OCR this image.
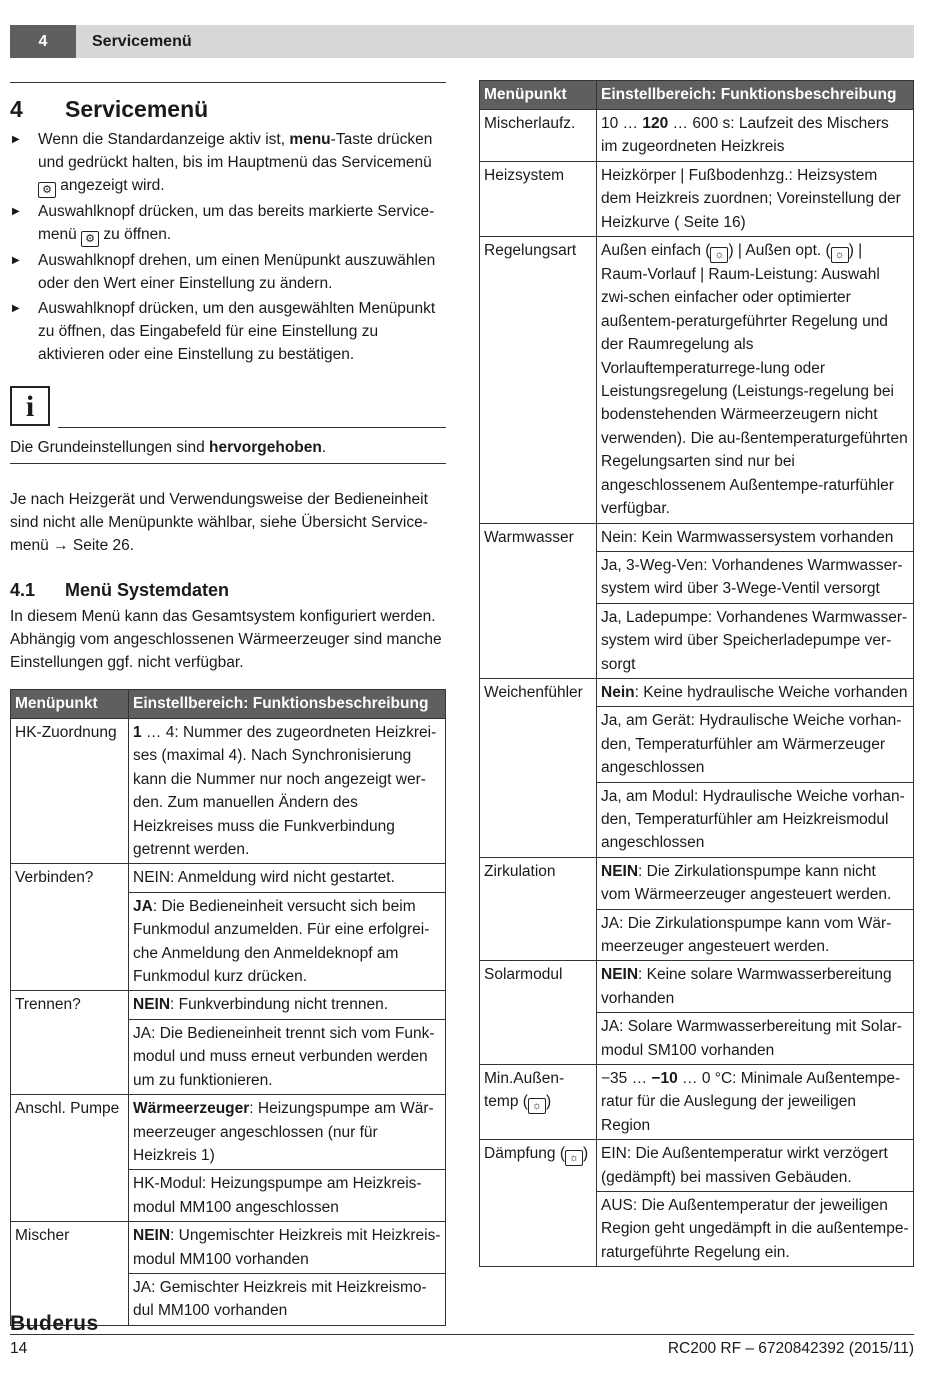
4	Servicemenü
4 Servicemenü
▶ Wenn die Standardanzeige aktiv ist, menu-Taste drücken und gedrückt halten, bis im Hauptmenü das Servicemenü ⚙ angezeigt wird.
▶ Auswahlknopf drücken, um das bereits markierte Service-menü ⚙ zu öffnen.
▶ Auswahlknopf drehen, um einen Menüpunkt auszuwählen oder den Wert einer Einstellung zu ändern.
▶ Auswahlknopf drücken, um den ausgewählten Menüpunkt zu öffnen, das Eingabefeld für eine Einstellung zu aktivieren oder eine Einstellung zu bestätigen.
i

Die Grundeinstellungen sind hervorgehoben.

Je nach Heizgerät und Verwendungsweise der Bedieneinheit sind nicht alle Menüpunkte wählbar, siehe Übersicht Service-menü → Seite 26.

4.1 Menü Systemdaten

In diesem Menü kann das Gesamtsystem konfiguriert werden. Abhängig vom angeschlossenen Wärmeerzeuger sind manche Einstellungen ggf. nicht verfügbar.

Menüpunkt	Einstellbereich: Funktionsbeschreibung
HK-Zuordnung	1 … 4: Nummer des zugeordneten Heizkrei-ses (maximal 4). Nach Synchronisierung kann die Nummer nur noch angezeigt wer-den. Zum manuellen Ändern des Heizkreises muss die Funkverbindung getrennt werden.
Verbinden?	NEIN: Anmeldung wird nicht gestartet.
	JA: Die Bedieneinheit versucht sich beim Funkmodul anzumelden. Für eine erfolgrei-che Anmeldung den Anmeldeknopf am Funkmodul kurz drücken.
Trennen?	NEIN: Funkverbindung nicht trennen.
	JA: Die Bedieneinheit trennt sich vom Funk-modul und muss erneut verbunden werden um zu funktionieren.
Anschl. Pumpe	Wärmeerzeuger: Heizungspumpe am Wär-meerzeuger angeschlossen (nur für Heizkreis 1)
	HK-Modul: Heizungspumpe am Heizkreis-modul MM100 angeschlossen
Mischer	NEIN: Ungemischter Heizkreis mit Heizkreis-modul MM100 vorhanden
	JA: Gemischter Heizkreis mit Heizkreismo-dul MM100 vorhanden
Menüpunkt	Einstellbereich: Funktionsbeschreibung
Mischerlaufz.	10 … 120 … 600 s: Laufzeit des Mischers im zugeordneten Heizkreis
Heizsystem	Heizkörper | Fußbodenhzg.: Heizsystem dem Heizkreis zuordnen; Voreinstellung der Heizkurve ( Seite 16)
Regelungsart	Außen einfach ( ☼ ) | Außen opt. ( ☼ ) | Raum-Vorlauf | Raum-Leistung: Auswahl zwi-schen einfacher oder optimierter außentem-peraturgeführter Regelung und der Raumregelung als Vorlauftemperaturrege-lung oder Leistungsregelung (Leistungs-regelung bei bodenstehenden Wärmeerzeugern nicht verwenden). Die au-ßentemperaturgeführten Regelungsarten sind nur bei angeschlossenem Außentempe-raturfühler verfügbar.
Warmwasser	Nein: Kein Warmwassersystem vorhanden
	Ja, 3-Weg-Ven: Vorhandenes Warmwasser-system wird über 3-Wege-Ventil versorgt
	Ja, Ladepumpe: Vorhandenes Warmwasser-system wird über Speicherladepumpe ver-sorgt
Weichenfühler	Nein: Keine hydraulische Weiche vorhanden
	Ja, am Gerät: Hydraulische Weiche vorhan-den, Temperaturfühler am Wärmerzeuger angeschlossen
	Ja, am Modul: Hydraulische Weiche vorhan-den, Temperaturfühler am Heizkreismodul angeschlossen
Zirkulation	NEIN: Die Zirkulationspumpe kann nicht vom Wärmeerzeuger angesteuert werden.
	JA: Die Zirkulationspumpe kann vom Wär-meerzeuger angesteuert werden.
Solarmodul	NEIN: Keine solare Warmwasserbereitung vorhanden
	JA: Solare Warmwasserbereitung mit Solar-modul SM100 vorhanden
Min.Außen-temp ( ☼ )	−35 … −10 … 0 °C: Minimale Außentempe-ratur für die Auslegung der jeweiligen Region
Dämpfung ( ☼ )	EIN: Die Außentemperatur wirkt verzögert (gedämpft) bei massiven Gebäuden.
	AUS: Die Außentemperatur der jeweiligen Region geht ungedämpft in die außentempe-raturgeführte Regelung ein.
Buderus
14	RC200 RF – 6720842392 (2015/11)
